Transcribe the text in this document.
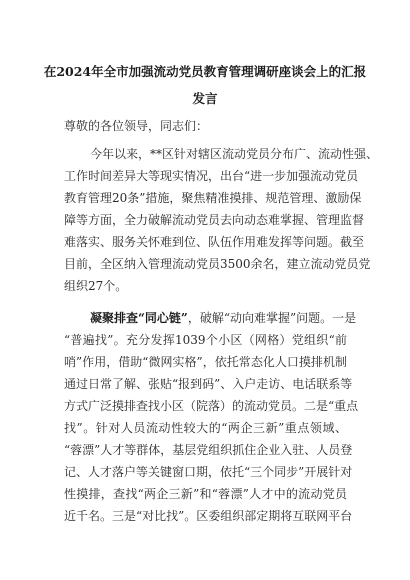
在2024年全市加强流动党员教育管理调研座谈会上的汇报
发言
尊敬的各位领导，同志们：
今年以来，**区针对辖区流动党员分布广、流动性强、
工作时间差异大等现实情况，出台“进一步加强流动党员
教育管理20条”措施，聚焦精准摸排、规范管理、激励保
障等方面，全力破解流动党员去向动态难掌握、管理监督
难落实、服务关怀难到位、队伍作用难发挥等问题。截至
目前，全区纳入管理流动党员3500余名，建立流动党员党
组织27个。
凝聚排查“同心链”，破解“动向难掌握”问题。一是
“普遍找”。充分发挥1039个小区（网格）党组织“前
哨”作用，借助“微网实格”，依托常态化人口摸排机制
通过日常了解、张贴“报到码”、入户走访、电话联系等
方式广泛摸排查找小区（院落）的流动党员。二是“重点
找”。针对人员流动性较大的“两企三新”重点领域、
“蓉漂”人才等群体，基层党组织抓住企业入驻、人员登
记、人才落户等关键窗口期，依托“三个同步”开展针对
性摸排，查找“两企三新”和“蓉漂”人才中的流动党员
近千名。三是“对比找”。区委组织部定期将互联网平台
